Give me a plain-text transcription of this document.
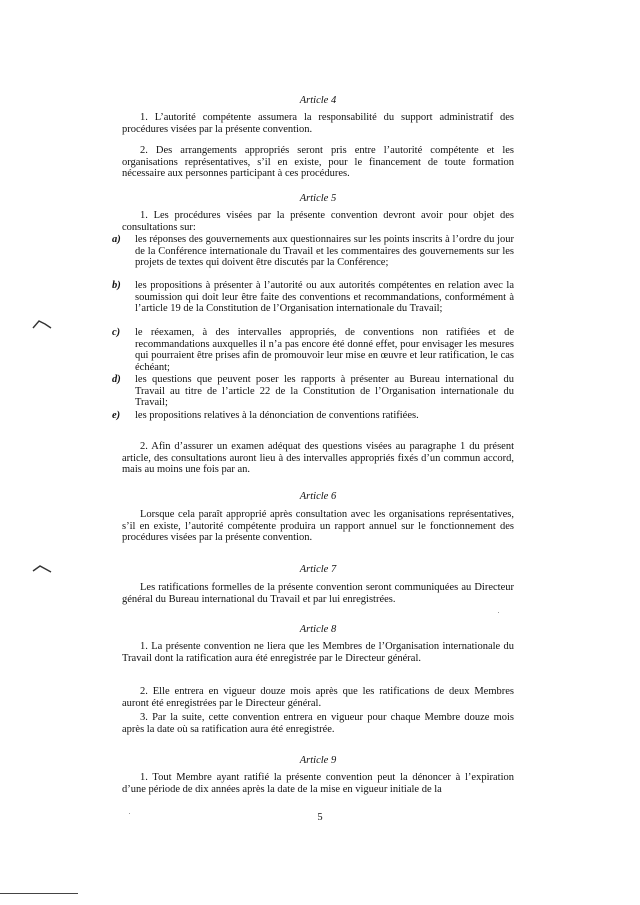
Article 4
1. L’autorité compétente assumera la responsabilité du support administratif des procédures visées par la présente convention.
2. Des arrangements appropriés seront pris entre l’autorité compétente et les organisations représentatives, s’il en existe, pour le financement de toute formation nécessaire aux personnes participant à ces procédures.
Article 5
1. Les procédures visées par la présente convention devront avoir pour objet des consultations sur:
a) les réponses des gouvernements aux questionnaires sur les points inscrits à l’ordre du jour de la Conférence internationale du Travail et les commentaires des gouvernements sur les projets de textes qui doivent être discutés par la Conférence;
b) les propositions à présenter à l’autorité ou aux autorités compétentes en relation avec la soumission qui doit leur être faite des conventions et recommandations, conformément à l’article 19 de la Constitution de l’Organisation internationale du Travail;
c) le réexamen, à des intervalles appropriés, de conventions non ratifiées et de recommandations auxquelles il n’a pas encore été donné effet, pour envisager les mesures qui pourraient être prises afin de promouvoir leur mise en œuvre et leur ratification, le cas échéant;
d) les questions que peuvent poser les rapports à présenter au Bureau international du Travail au titre de l’article 22 de la Constitution de l’Organisation internationale du Travail;
e) les propositions relatives à la dénonciation de conventions ratifiées.
2. Afin d’assurer un examen adéquat des questions visées au paragraphe 1 du présent article, des consultations auront lieu à des intervalles appropriés fixés d’un commun accord, mais au moins une fois par an.
Article 6
Lorsque cela paraît approprié après consultation avec les organisations représentatives, s’il en existe, l’autorité compétente produira un rapport annuel sur le fonctionnement des procédures visées par la présente convention.
Article 7
Les ratifications formelles de la présente convention seront communiquées au Directeur général du Bureau international du Travail et par lui enregistrées.
Article 8
1. La présente convention ne liera que les Membres de l’Organisation internationale du Travail dont la ratification aura été enregistrée par le Directeur général.
2. Elle entrera en vigueur douze mois après que les ratifications de deux Membres auront été enregistrées par le Directeur général.
3. Par la suite, cette convention entrera en vigueur pour chaque Membre douze mois après la date où sa ratification aura été enregistrée.
Article 9
1. Tout Membre ayant ratifié la présente convention peut la dénoncer à l’expiration d’une période de dix années après la date de la mise en vigueur initiale de la
5
